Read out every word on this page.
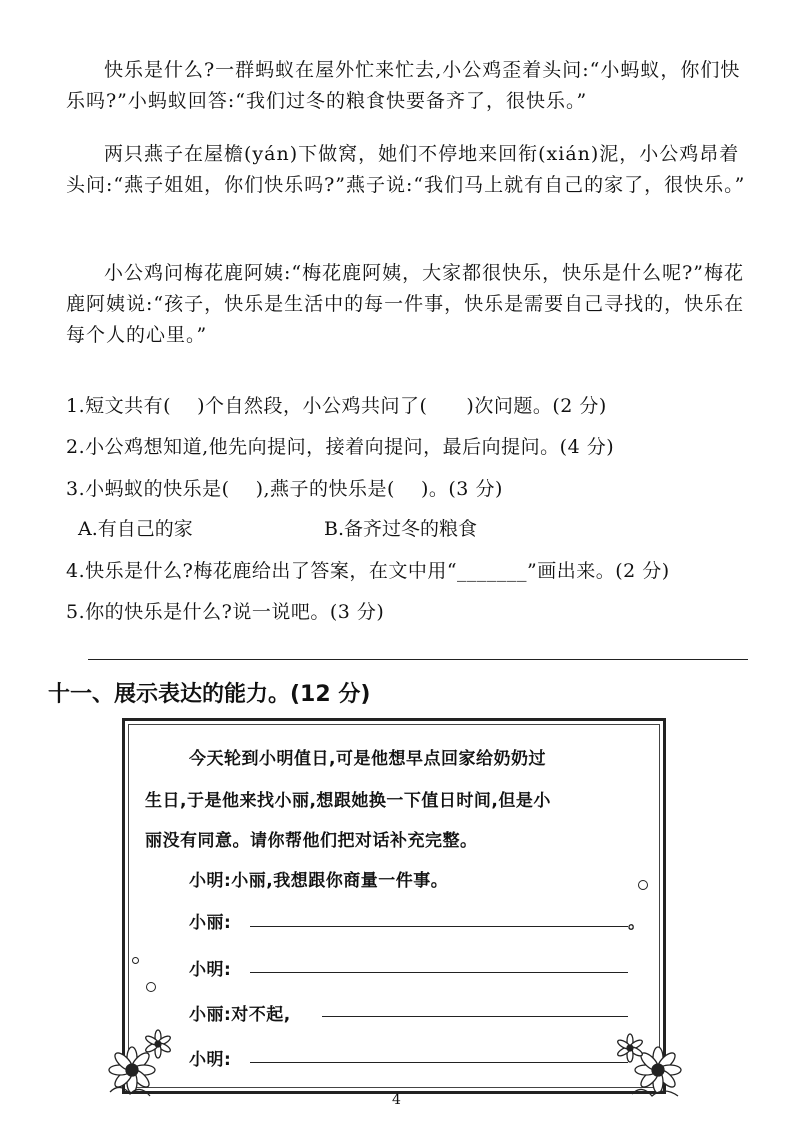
快乐是什么?一群蚂蚁在屋外忙来忙去,小公鸡歪着头问:“小蚂蚁，你们快乐吗?”小蚂蚁回答:“我们过冬的粮食快要备齐了，很快乐。”
两只燕子在屋檐(yán)下做窝，她们不停地来回衔(xián)泥，小公鸡昂着头问:“燕子姐姐，你们快乐吗?”燕子说:“我们马上就有自己的家了，很快乐。”
小公鸡问梅花鹿阿姨:“梅花鹿阿姨，大家都很快乐，快乐是什么呢?”梅花鹿阿姨说:“孩子，快乐是生活中的每一件事，快乐是需要自己寻找的，快乐在每个人的心里。”
1.短文共有(　 )个自然段，小公鸡共问了(　　)次问题。(2 分)
2.小公鸡想知道,他先向提问，接着向提问，最后向提问。(4 分)
3.小蚂蚁的快乐是(　 ),燕子的快乐是(　 )。(3 分)
A.有自己的家	B.备齐过冬的粮食
4.快乐是什么?梅花鹿给出了答案，在文中用“_______”画出来。(2 分)
5.你的快乐是什么?说一说吧。(3 分)
十一、展示表达的能力。(12 分)
今天轮到小明值日,可是他想早点回家给奶奶过
生日,于是他来找小丽,想跟她换一下值日时间,但是小
丽没有同意。请你帮他们把对话补充完整。
小明:小丽,我想跟你商量一件事。
小丽:	。
小明:
小丽:对不起,
小明:
4
